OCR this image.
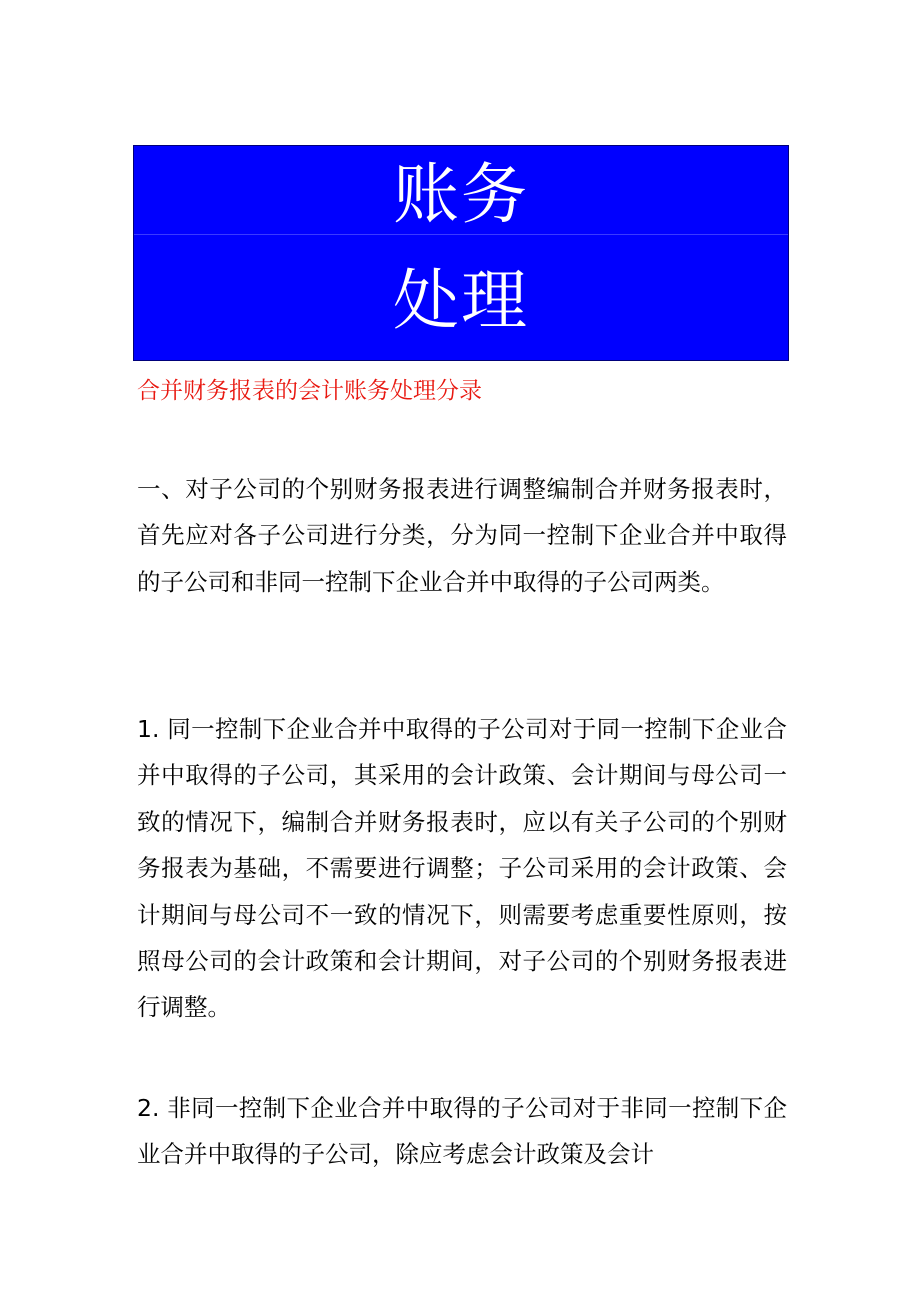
账务
处理
合并财务报表的会计账务处理分录
一、对子公司的个别财务报表进行调整编制合并财务报表时，首先应对各子公司进行分类，分为同一控制下企业合并中取得的子公司和非同一控制下企业合并中取得的子公司两类。
1. 同一控制下企业合并中取得的子公司对于同一控制下企业合并中取得的子公司，其采用的会计政策、会计期间与母公司一致的情况下，编制合并财务报表时，应以有关子公司的个别财务报表为基础，不需要进行调整；子公司采用的会计政策、会计期间与母公司不一致的情况下，则需要考虑重要性原则，按照母公司的会计政策和会计期间，对子公司的个别财务报表进行调整。
2. 非同一控制下企业合并中取得的子公司对于非同一控制下企业合并中取得的子公司，除应考虑会计政策及会计
